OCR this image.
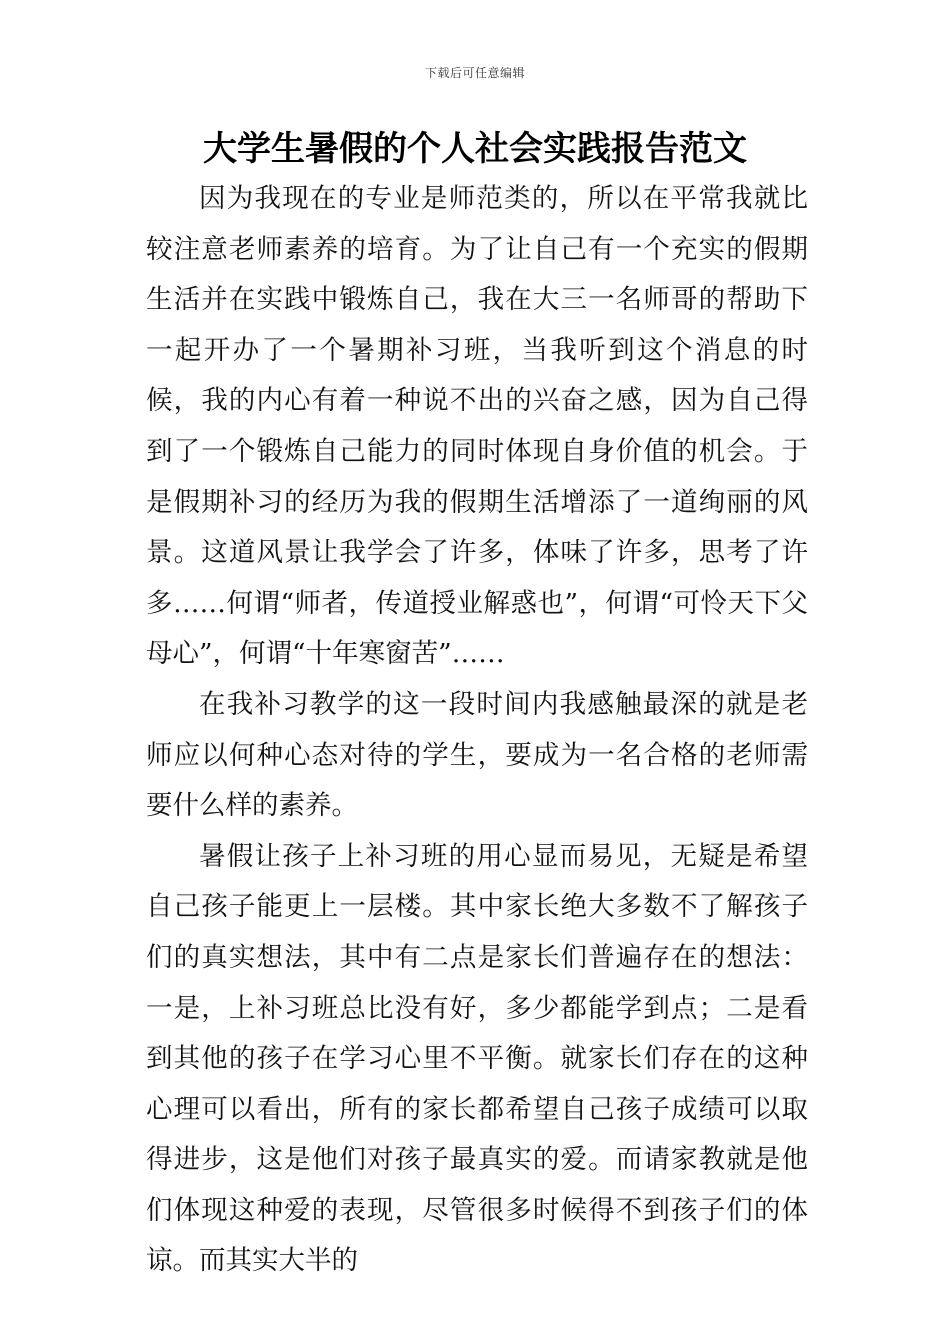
下载后可任意编辑
大学生暑假的个人社会实践报告范文

因为我现在的专业是师范类的，所以在平常我就比较注意老师素养的培育。为了让自己有一个充实的假期生活并在实践中锻炼自己，我在大三一名师哥的帮助下一起开办了一个暑期补习班，当我听到这个消息的时候，我的内心有着一种说不出的兴奋之感，因为自己得到了一个锻炼自己能力的同时体现自身价值的机会。于是假期补习的经历为我的假期生活增添了一道绚丽的风景。这道风景让我学会了许多，体味了许多，思考了许多……何谓“师者，传道授业解惑也”，何谓“可怜天下父母心”，何谓“十年寒窗苦”……

在我补习教学的这一段时间内我感触最深的就是老师应以何种心态对待的学生，要成为一名合格的老师需要什么样的素养。

暑假让孩子上补习班的用心显而易见，无疑是希望自己孩子能更上一层楼。其中家长绝大多数不了解孩子们的真实想法，其中有二点是家长们普遍存在的想法：一是，上补习班总比没有好，多少都能学到点；二是看到其他的孩子在学习心里不平衡。就家长们存在的这种心理可以看出，所有的家长都希望自己孩子成绩可以取得进步，这是他们对孩子最真实的爱。而请家教就是他们体现这种爱的表现，尽管很多时候得不到孩子们的体谅。而其实大半的
